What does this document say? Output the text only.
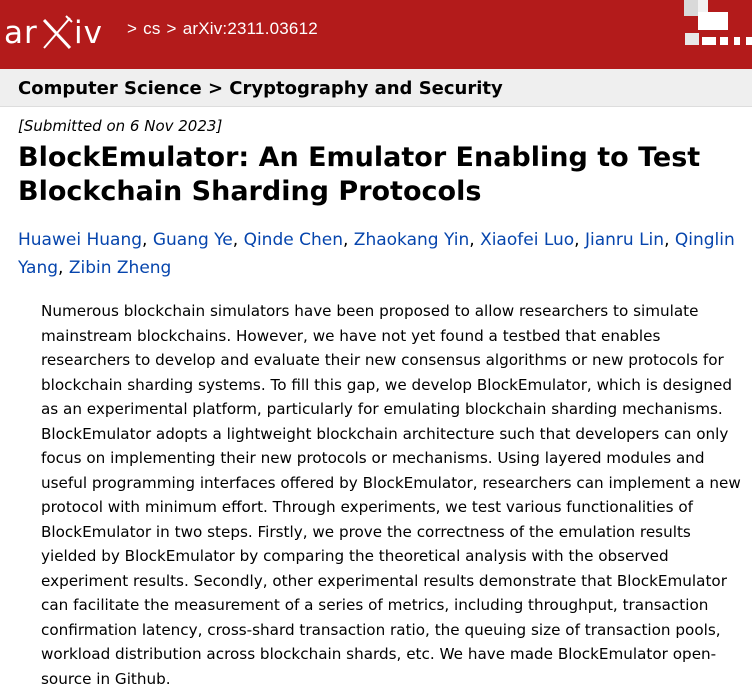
ar iv	> cs > arXiv:2311.03612
Computer Science > Cryptography and Security
[Submitted on 6 Nov 2023]
BlockEmulator: An Emulator Enabling to Test Blockchain Sharding Protocols
Huawei Huang, Guang Ye, Qinde Chen, Zhaokang Yin, Xiaofei Luo, Jianru Lin, Qinglin Yang, Zibin Zheng
Numerous blockchain simulators have been proposed to allow researchers to simulate mainstream blockchains. However, we have not yet found a testbed that enables researchers to develop and evaluate their new consensus algorithms or new protocols for blockchain sharding systems. To fill this gap, we develop BlockEmulator, which is designed as an experimental platform, particularly for emulating blockchain sharding mechanisms. BlockEmulator adopts a lightweight blockchain architecture such that developers can only focus on implementing their new protocols or mechanisms. Using layered modules and useful programming interfaces offered by BlockEmulator, researchers can implement a new protocol with minimum effort. Through experiments, we test various functionalities of BlockEmulator in two steps. Firstly, we prove the correctness of the emulation results yielded by BlockEmulator by comparing the theoretical analysis with the observed experiment results. Secondly, other experimental results demonstrate that BlockEmulator can facilitate the measurement of a series of metrics, including throughput, transaction confirmation latency, cross-shard transaction ratio, the queuing size of transaction pools, workload distribution across blockchain shards, etc. We have made BlockEmulator open-source in Github.
